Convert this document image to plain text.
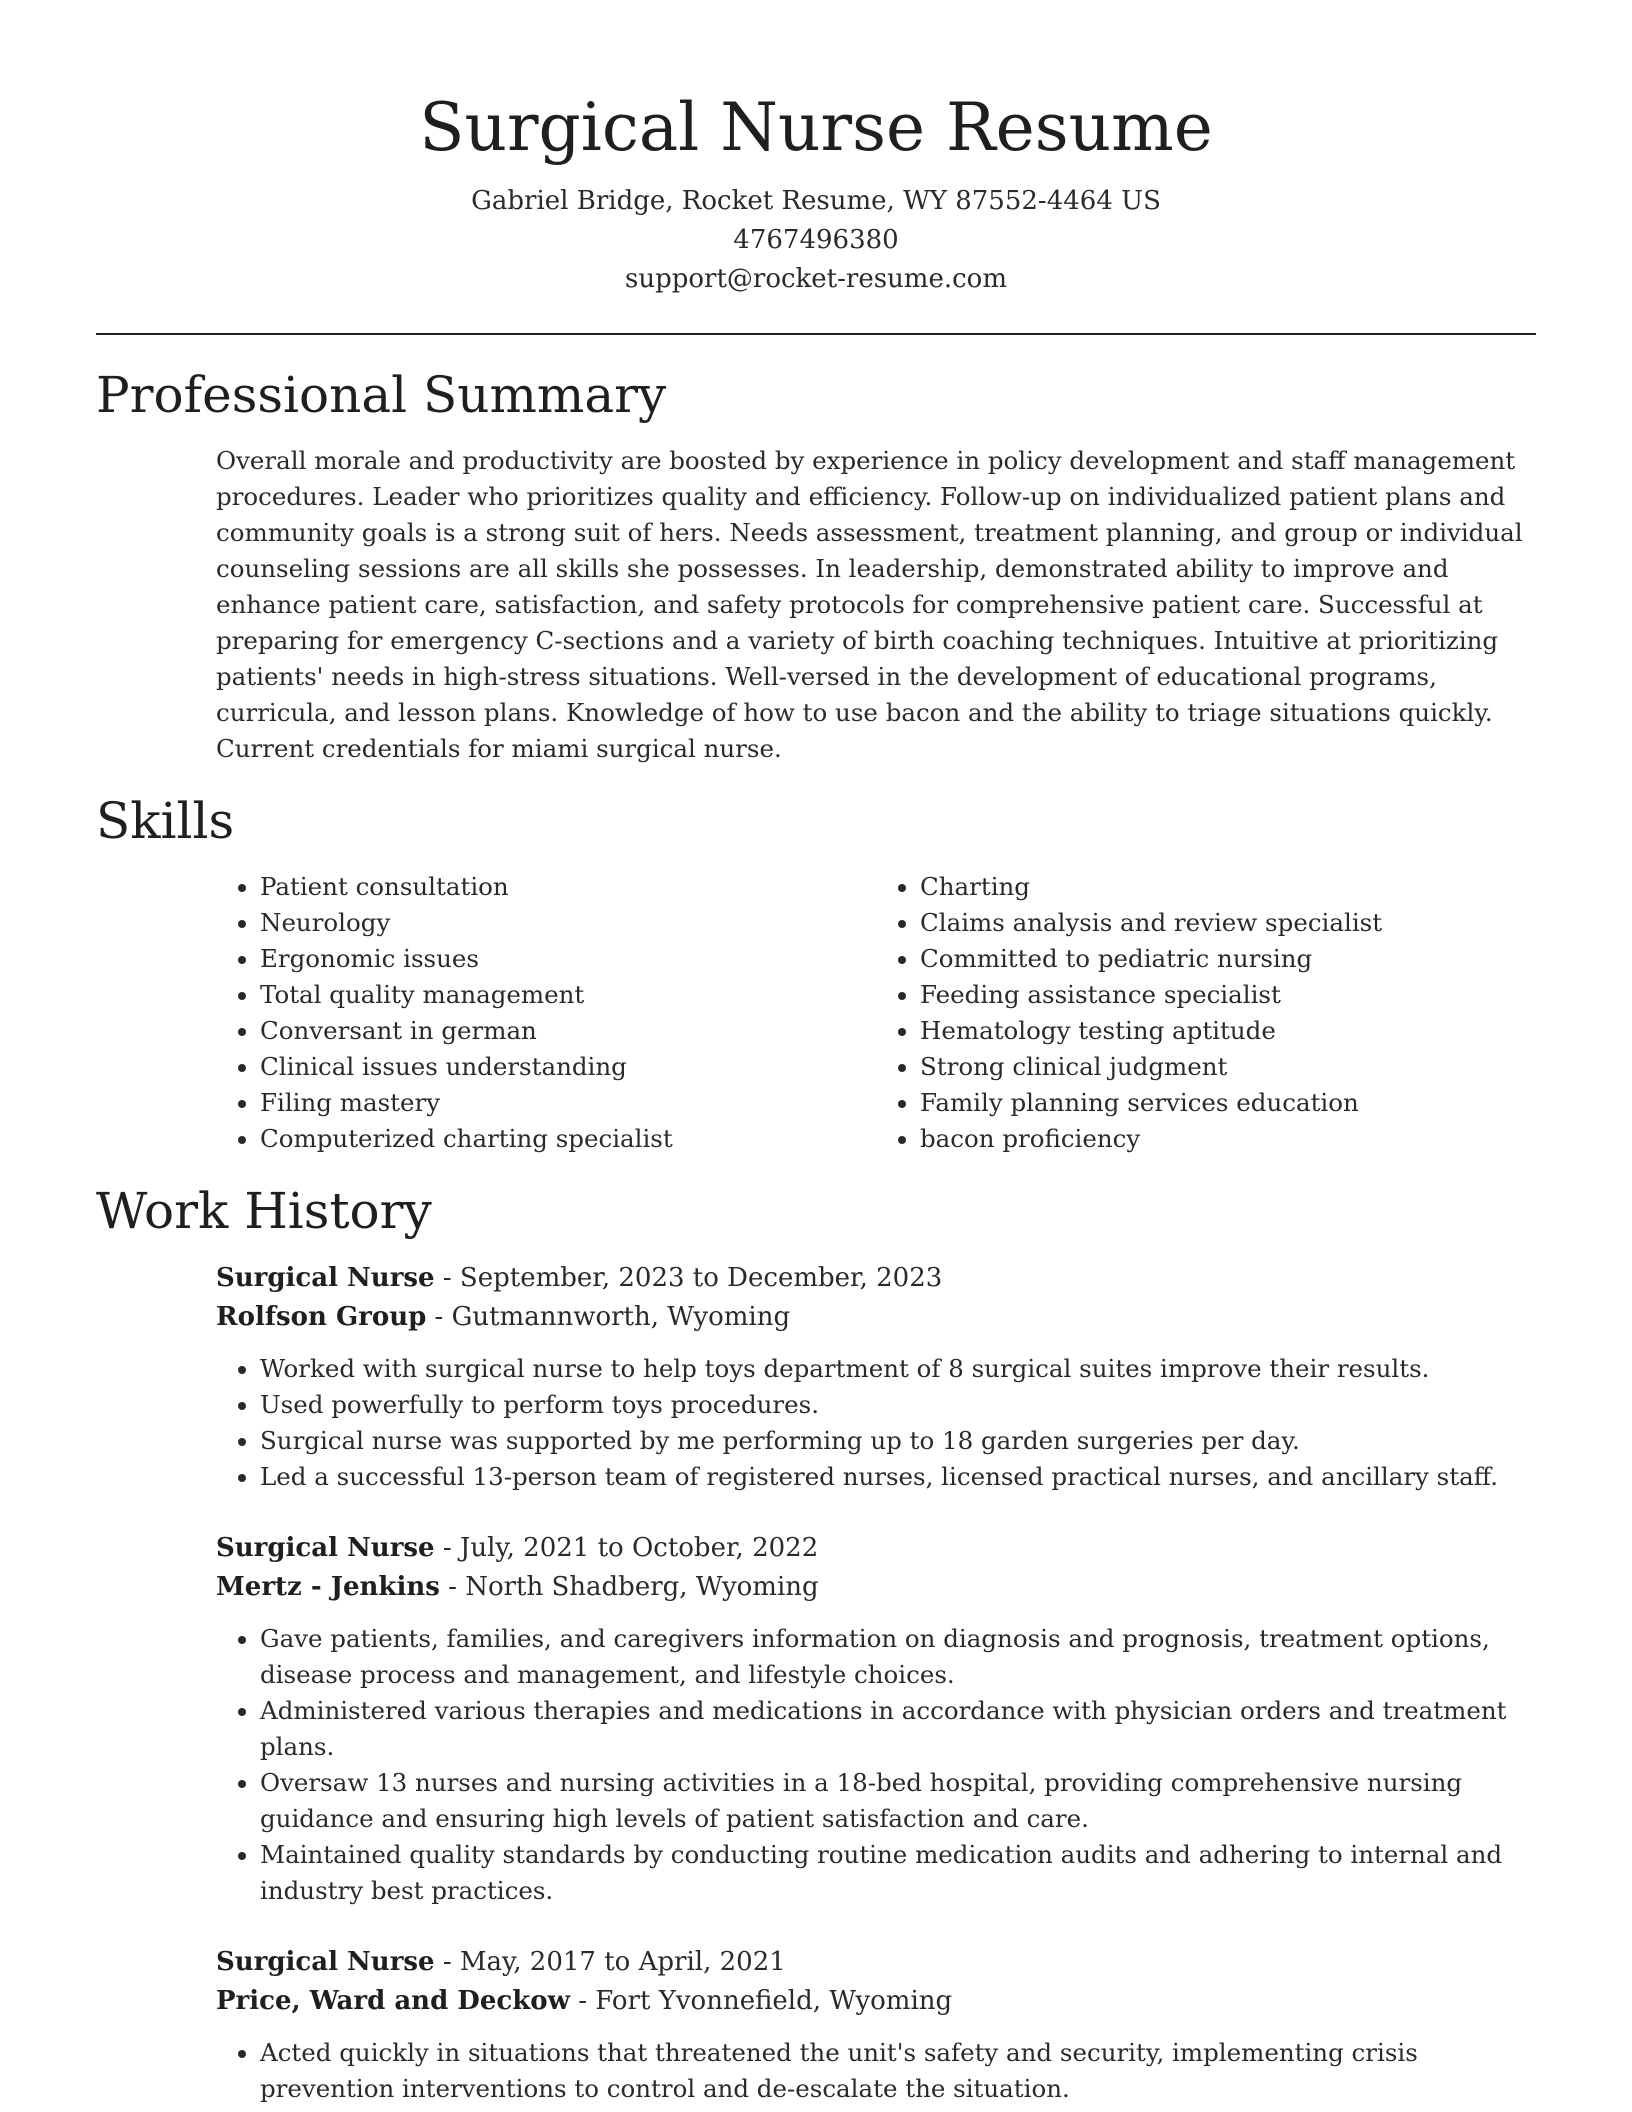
Surgical Nurse Resume
Gabriel Bridge, Rocket Resume, WY 87552-4464 US
4767496380
support@rocket-resume.com
Professional Summary

Overall morale and productivity are boosted by experience in policy development and staff management procedures. Leader who prioritizes quality and efficiency. Follow-up on individualized patient plans and community goals is a strong suit of hers. Needs assessment, treatment planning, and group or individual counseling sessions are all skills she possesses. In leadership, demonstrated ability to improve and enhance patient care, satisfaction, and safety protocols for comprehensive patient care. Successful at preparing for emergency C-sections and a variety of birth coaching techniques. Intuitive at prioritizing patients' needs in high-stress situations. Well-versed in the development of educational programs, curricula, and lesson plans. Knowledge of how to use bacon and the ability to triage situations quickly. Current credentials for miami surgical nurse.

Skills
• Patient consultation
• Neurology
• Ergonomic issues
• Total quality management
• Conversant in german
• Clinical issues understanding
• Filing mastery
• Computerized charting specialist
• Charting
• Claims analysis and review specialist
• Committed to pediatric nursing
• Feeding assistance specialist
• Hematology testing aptitude
• Strong clinical judgment
• Family planning services education
• bacon proficiency
Work History
Surgical Nurse - September, 2023 to December, 2023
Rolfson Group - Gutmannworth, Wyoming
• Worked with surgical nurse to help toys department of 8 surgical suites improve their results.
• Used powerfully to perform toys procedures.
• Surgical nurse was supported by me performing up to 18 garden surgeries per day.
• Led a successful 13-person team of registered nurses, licensed practical nurses, and ancillary staff.
Surgical Nurse - July, 2021 to October, 2022
Mertz - Jenkins - North Shadberg, Wyoming
• Gave patients, families, and caregivers information on diagnosis and prognosis, treatment options, disease process and management, and lifestyle choices.
• Administered various therapies and medications in accordance with physician orders and treatment plans.
• Oversaw 13 nurses and nursing activities in a 18-bed hospital, providing comprehensive nursing guidance and ensuring high levels of patient satisfaction and care.
• Maintained quality standards by conducting routine medication audits and adhering to internal and industry best practices.
Surgical Nurse - May, 2017 to April, 2021
Price, Ward and Deckow - Fort Yvonnefield, Wyoming
• Acted quickly in situations that threatened the unit's safety and security, implementing crisis prevention interventions to control and de-escalate the situation.
